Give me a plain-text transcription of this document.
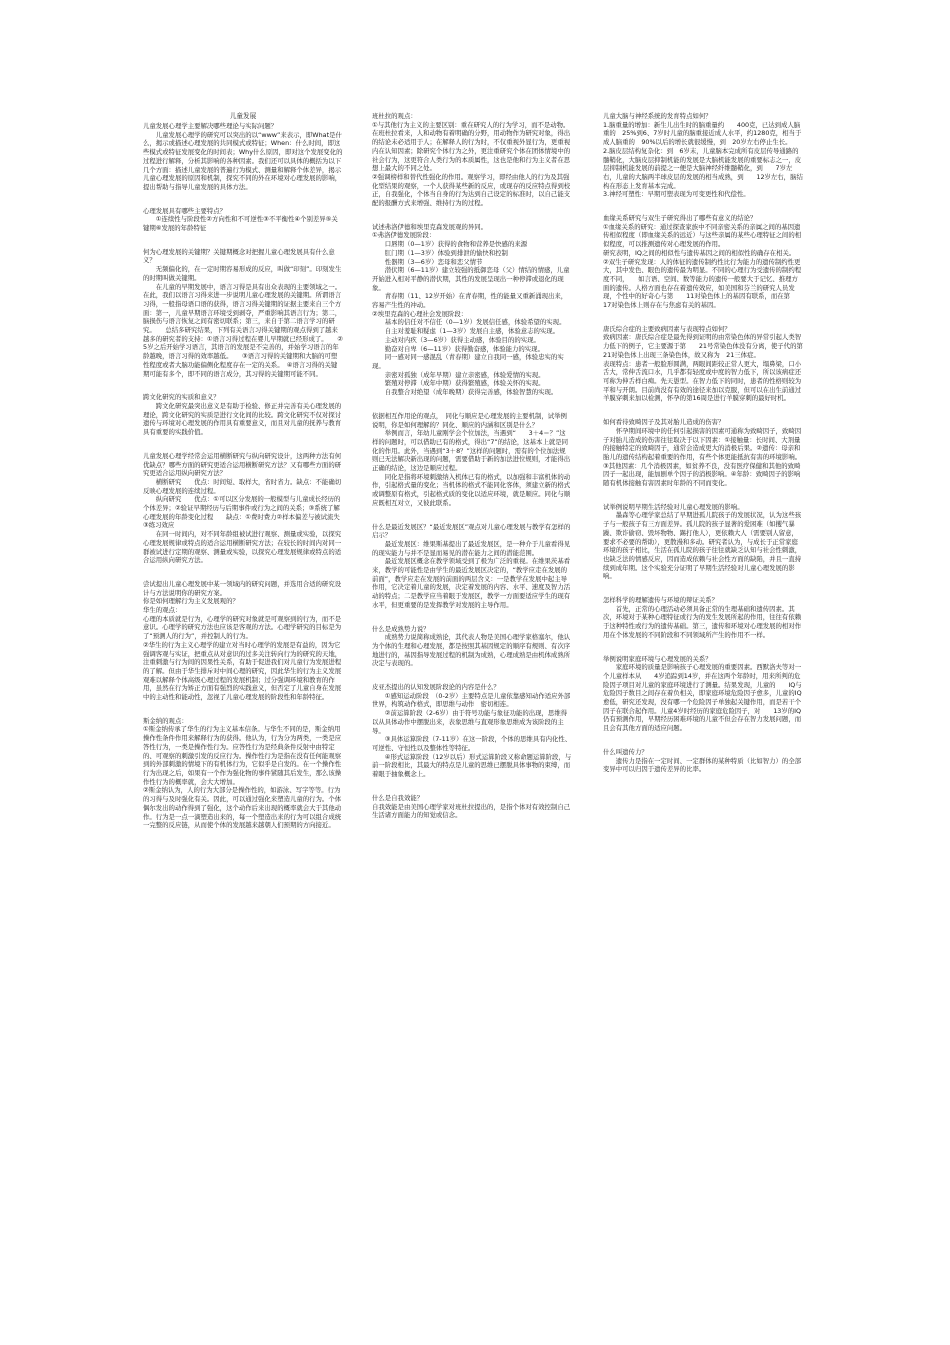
儿童发展

儿童发展心理学主要解决哪些理论与实际问题？
　　儿童发展心理学的研究可以突出的以“www”来表示，即What是什么，揭示或描述心理发展的共同模式或特征；When：什么时间，即这些模式或特征发展变化的时间表；Why什么原因，即对这个发展变化的过程进行解释，分析其影响的各种因素。我们还可以具体的概括为以下几个方面：描述儿童发展的普遍行为模式、测量和解释个体差异，揭示儿童心理发展的原因和机制，探究不同的外在环境对心理发展的影响，提出帮助与指导儿童发展的具体方法。

心理发展具有哪些主要特点？
　　①连续性与阶段性②方向性和不可逆性③不平衡性④个别差异⑤关键期⑥发展的年龄特征

何为心理发展的关键期？关键期概念对把握儿童心理发展具有什么意义？
　　无频偏化的，在一定时期容易形成的反应，叫做“印刻”。印刻发生的时期叫做关键期。
　　在儿童的早期发展中，语言习得是具有出众表现的主要领域之一。在此，我们以语言习得来进一步说明儿童心理发展的关键期。所谓语言习得，一般指母语口语的获得，语言习得关键期的证据主要来自三个方面：第一，儿童早期语言环境受到剥夺，严重影响其语言行为；第二，脑损伤与语言恢复之间有密切联系；第三，来自于第二语言学习的研究。　　总结多研究结果，下列有关语言习得关键期的观点得到了越来越多的研究者的支持：①语言习得过程在婴儿早期就已经形成了。　　②5岁之后开始学习语言，其语言的发展是不完善的，并始学习语言的年龄越晚，语言习得的效率越低。　　③语言习得的关键期和大脑的可塑性程度或者大脑功能偏侧化程度存在一定的关系。　④语言习得的关键期可能有多个，即不同的语言成分，其习得的关键期可能不同。

跨文化研究的实质和意义？
　　跨文化研究最突出意义是有助于检验、修正并完善有关心理发展的理论，跨文化研究的实质是进行文化间的比较。跨文化研究不仅对探讨遗传与环境对心理发展的作用具有重要意义，而且对儿童的抚养与教育具有重要的实践价值。

儿童发展心理学经常会运用横断研究与纵向研究设计，这两种方法有何优缺点？哪些方面的研究更适合运用横断研究方法？又有哪些方面的研究更适合运用纵向研究方法？
　　横断研究　　优点：时间短、取样大，省时省力。缺点：不能确切反映心理发展的连续过程。
　　纵向研究　　优点：①可以区分发展的一般模型与儿童成长经历的个体差异；②验证早期经历与后期事件或行为之间的关系；③系统了解心理发展的年龄变化过程　　缺点：①费时费力②样本偏差与被试流失③练习效应
　　在同一时间内，对不同年龄组被试进行观察、测量或实验，以探究心理发展规律或特点的适合运用横断研究方法；在较长的时间内对同一群被试进行定期的观察、测量或实验，以探究心理发展规律或特点的适合运用纵向研究方法。

尝试提出儿童心理发展中某一领域内的研究问题，并选用合适的研究设计与方法说明你的研究方案。
你是如何理解行为主义发展观的？
华生的观点：
心理的本质就是行为，心理学的研究对象就是可观察到的行为，而不是意识。心理学的研究方法也应该是客观的方法。心理学研究的目标是为了“预测人的行为”，并控制人的行为。
②华生的行为主义心理学的建立对当时心理学的发展是有益的，因为它强调客观与实证，把重点从对意识的过多关注转向行为的研究的天地，注重刺激与行为间的因果性关系，有助于促进我们对儿童行为发展进程的了解。但由于华生排斥对中间心理的研究，因此华生的行为主义发展观难以解释个体高级心理过程的发展机制；过分强调环境和教育的作用，虽然在行为矫正方面有强烈的实践意义，但否定了儿童自身在发展中的主动性和能动性，忽视了儿童心理发展的阶段性和年龄特征。

斯金纳的观点：
①斯金纳传承了华生的行为主义基本信条。与华生不同的是，斯金纳用操作性条件作用来解释行为的获得。他认为，行为分为两类，一类是应答性行为，一类是操作性行为。应答性行为是经典条件反射中由特定的、可观察的刺激引发的反应行为。操作性行为是指在没有任何能观察到的外部刺激的情境下的有机体行为，它似乎是自发的。在一个操作性行为出现之后，如果有一个作为强化物的事件紧随其后发生，那么该操作性行为的概率就，会大大增加。
②斯金纳认为，人的行为大部分是操作性的，如游泳、写字等等。行为的习得与及时强化有关。因此，可以通过强化来塑造儿童的行为。个体偶尔发出的动作得到了强化，这个动作后来出现的概率就会大于其他动作。行为是一点一滴塑造出来的，每一个塑造出来的行为可以组合成统一完整的反应链，从而使个体的发展越来越朝人们预期的方向接近。

班杜拉的观点：
①与其他行为主义的主要区别：重在研究人的行为学习，而不是动物。在班杜拉看来，人和动物有着明确的分野，用动物作为研究对象，得出的结论未必适用于人；在解释人的行为时，不仅重视外显行为，更重视内在认知因素；除研究个体行为之外，更注重研究个体在团体情境中的社会行为，这更符合人类行为的本质属性，这也是他和行为主义者在思想上最大的不同之处。
②强调榜样和替代性强化的作用。观察学习，即经由他人的行为及其强化型结果的观察，一个人获得某些新的反应，或现存的反应特点得到校正，自我强化，个体当自身的行为达到自己设定的标准时，以自己能支配的报酬方式来增强、维持行为的过程。

试述弗洛伊德和埃里克森发展观的异同。
①弗洛伊德发展阶段：
　　口唇期（0—1岁）获得的食物和营养是快感的来源
　　肛门期（1—3岁）体验到排泄的愉快和控制
　　性器期（3—6岁）恋母和恋父情节
　　潜伏期（6—11岁）建立较强的抵御恋母（父）情结的情感，儿童开始进入相对平静的潜伏期，其性的发展呈现出一种停滞或退化的现象。
　　青春期（11、12岁开始）在青春期，性的能量又重新涌现出来，容易产生性的冲动。
②埃里克森的心理社会发展阶段：
　　基本的信任对不信任（0—1岁）发展信任感，体验希望的实现。
　　自主对羞耻和疑虑（1—3岁）发展自主感，体验意志的实现。
　　主动对内疚（3—6岁）获得主动感，体验目的的实现。
　　勤奋对自卑（6—11岁）获得勤奋感，体验能力的实现。
　　同一感对同一感混乱（青春期）建立自我同一感，体验忠实的实现。
　　亲密对孤独（成年早期）建立亲密感，体验爱情的实现。
　　繁殖对停滞（成年中期）获得繁殖感，体验关怀的实现。
　　自我整合对绝望（成年晚期）获得完善感，体验智慧的实现。

依据相互作用论的观点，　同化与顺应是心理发展的主要机制，试举例说明，你是如何理解的？同化、顺应的内涵和区别是什么？
　　举例而言，年幼儿童刚学会个位加法，当遇到“　　3＋4＝？”这样的问题时，可以借助已有的格式，得出“7”的结论，这基本上就是同化的作用。此外，当遇到“3＋8？”这样的问题时，需有的个位加法规则已无法解决新出现的问题，需要借助于新的加法进位规则，才能得出正确的结论，这边是顺应过程。
　　同化是指将环境刺激纳入机体已有的格式，以加强和丰富机体的动作，引起格式量的变化；当机体的格式不能同化客体，须建立新的格式或调整原有格式，引起格式质的变化以适应环境，就是顺应。同化与顺应既相互对立，又彼此联系。

什么是最近发展区？“最近发展区”观点对儿童心理发展与教学有怎样的启示？
　　最近发展区：维果斯基提出了最近发展区，是一种介于儿童看得见的现实能力与并不是显而易见的潜在能力之间的潜能范围。
　　最近发展区概念在教学领域受到了极为广泛的重视。在维果茨基看来，教学的可能性是由学生的最近发展区决定的，“教学应走在发展的前面”，教学应走在发展的前面的两层含义：一是教学在发展中起主导作用，它决定着儿童的发展，决定着发展的内容、水平、速度及智力活动的特点；二是教学应当着眼于发展区，教学一方面要适应学生的现有水平，但更重要的是发挥教学对发展的主导作用。

什么是成熟势力说？
　　成熟势力说简称成熟论，其代表人物是美国心理学家格塞尔，他认为个体的生理和心理发展，都是按照其基因规定的顺序有规则、有次序地进行的，基因指导发展过程的机制为成熟，心理成熟是由机体成熟所决定与表现的。

皮亚杰提出的认知发展阶段论的内容是什么？
　　①感知运动阶段　（0-2岁）主要特点是儿童依靠感知动作适应外部世界，构筑动作格式，即思维与动作　密切相连。
　　②前运算阶段（2-6岁）由于符号功能与象征功能的出现，思维得以从具体动作中摆脱出来，表象思维与直观形象思维成为该阶段的主导。
　　③具体运算阶段（7-11岁）在这一阶段，个体的思维具有内化性、可逆性、守恒性以及整体性等特征。
　　④形式运算阶段（12岁以后）形式运算阶段又称命题运算阶段，与前一阶段相比，其最大的特点是儿童的思维已摆脱具体事物的束缚，而着眼于抽象概念上。

什么是自我效能？
自我效能是由美国心理学家对班杜拉提出的，是指个体对有效控制自己生活诸方面能力的知觉或信念。

儿童大脑与神经系统的发育特点如何？
1.脑重量的增加：新生儿出生时的脑重量约　　400克，已达到成人脑重的　25%到6、7岁时儿童的脑重接近成人水平，约1280克，相当于成人脑重的　90%以后的增长就很缓慢，到　20岁左右停止生长。
2.脑皮层结构复杂化：到　6岁末，儿童脑本完成所有皮层传导通路的髓鞘化，大脑皮层抑制机能的发展是大脑机能发展的重要标志之一，皮层抑制机能发展的前提之一便是大脑神经纤维髓鞘化，到　　7岁左右，儿童的大脑两半球皮层的发展的相当成熟，到　　12岁左右，脑结构在形态上发育基本完成。
3.神经可塑性：早期可塑表现为可变更性和代偿性。

血缘关系研究与双生子研究得出了哪些有意义的结论？
①血缘关系的研究：通过探查家族中不同亲密关系的亲属之间的基因遗传相似程度（即血缘关系的远近）与这些亲属的某些心理特征之间的相似程度，可以推测遗传对心理发展的作用。
研究表明，IQ之间的相似性与遗传基因之间的相似性的确存在相关。
②双生子研究发现：人的体征的遗传制约性比行为能力的遗传制约性更大，其中发色、眼色的遗传最为明显。不同的心理行为受遗传的制约程度不同，　　如言语、空间、数等能力的遗传一般要大于记忆、推理方面的遗传。人格方面也存在着遗传效应，如美国和芬兰的研究人员发现，个性中的好奇心与第　　11对染色体上的基因有联系，而在第　　17对染色体上则存在与焦虑有关的基因。

唐氏综合症的主要致病因素与表现特点如何？
致病因素：唐氏综合症是最先得到证明的由常染色体的异常引起人类智力低下的例子，它主要源于第　　21号常染色体没有分离，使子代的第　　21对染色体上出现三条染色体，故又称为　21三体症。
表现特点：患者一般脸形圆满，两眼间距较正常人更大，塌鼻梁，口小舌大，常伸舌流口水，几乎都有轻度或中度的智力低下，所以该病症还可称为伸舌样白痴。先天愚型。在智力低下的同时，患者的性格则较为平和与开朗。目前尚没有有效的途径来加以克服，但可以在出生前通过羊膜穿刺来加以检测，怀孕的第16周是进行羊膜穿刺的最好时机。

如何看待致畸因子及其对胎儿造成的伤害？
　　怀孕期间环境中的任何引起损害的因素可通称为致畸因子，致畸因子对胎儿造成的伤害往往取决于以下因素：①接触量：长时间、大剂量的接触特定的致畸因子，通常会造成更大的消极后果。②遗传：母亲和胎儿的遗传结构起着重要的作用，有些个体更能抵抗有害的环境影响。③其他因素：几个消极因素，如贫养不良，没有医疗保健和其他的致畸因子一起出现，能加剧单个因子的消极影响。④年龄：致畸因子的影响随有机体接触有害因素时年龄的不同而变化。

试举例说明早期生活经验对儿童心理发展的影响。
　　墨森等心理学家总结了早期进孤儿院孩子的发展状况，认为这些孩子与一般孩子有三方面差异。孤儿院的孩子显著的爱困难（如攫气暴躁、欺诈偷窃、毁坏物物、踢打他人），更依赖大人（需要别人留意，要求不必要的帮助），更散漫和多动。研究者认为，与成长于正常家庭环境的孩子相比，生活在孤儿院的孩子往往就缺乏认知与社会性刺激，也缺乏法的情感反应，因而造成依赖与社会性方面的缺陷，并且一直持续到成年期。这个实验充分证明了早期生活经验对儿童心理发展的影响。

怎样科学的理解遗传与环境的辩证关系？
　　首先，正常的心理活动必须具备正常的生理基础和遗传因素。其次，环境对于某种心理特征或行为的发生发展所起的作用，往往有依赖于这种特性或行为的遗传基础。第三，遗传和环境对心理发展的相对作用在个体发展的不同阶段和不同领域所产生的作用不一样。

举例说明家庭环境与心理发展的关系？
　　家庭环境的质量是影响孩子心理发展的重要因素。西默洛夫等对一个儿童样本从　　4岁追踪到14岁，并在这两个年龄时，用来所判的危险因子项目对儿童的家庭环境进行了测量。结果发现，儿童的　　IQ与危险因子数目之间存在着负相关，即家庭环境危险因子愈多，儿童的IQ愈低，研究还发现，没有哪一个危险因子单独起关键作用，而是若干个因子在联合起作用。儿童4岁时经历的家庭危险因子，对　　13岁的IQ仍有预测作用，早期经历困难环境的儿童不但会存在智力发展问题，而且会有其他方面的适应问题。

什么叫遗传力？
　　遗传力是指在一定时间、一定群体的某种特质（比如智力）的全部变异中可以归因于遗传差异的比率。
